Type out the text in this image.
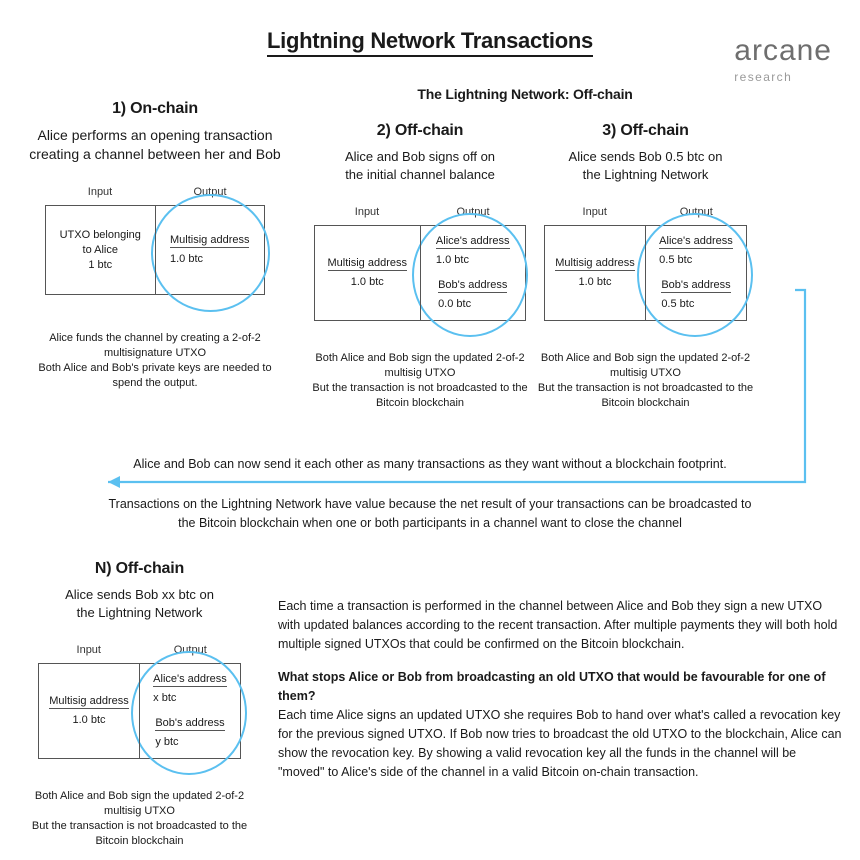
Lightning Network Transactions	arcane
research
The Lightning Network: Off-chain
1) On-chain
Alice performs an opening transaction
creating a channel between her and Bob
Input	Output
UTXO belonging
to Alice
1 btc
Multisig address
1.0 btc
Alice funds the channel by creating a 2-of-2
multisignature UTXO
Both Alice and Bob's private keys are needed to
spend the output.
2) Off-chain
Alice and Bob signs off on
the initial channel balance
Input	Output
Multisig address
1.0 btc
Alice's address
1.0 btc
Bob's address
0.0 btc
Both Alice and Bob sign the updated 2-of-2
multisig UTXO
But the transaction is not broadcasted to the
Bitcoin blockchain
3) Off-chain
Alice sends Bob 0.5 btc on
the Lightning Network
Input	Output
Multisig address
1.0 btc
Alice's address
0.5 btc
Bob's address
0.5 btc
Both Alice and Bob sign the updated 2-of-2
multisig UTXO
But the transaction is not broadcasted to the
Bitcoin blockchain
Alice and Bob can now send it each other as many transactions as they want without a blockchain footprint.
Transactions on the Lightning Network have value because the net result of your transactions can be broadcasted to
the Bitcoin blockchain when one or both participants in a channel want to close the channel
N) Off-chain
Alice sends Bob xx btc on
the Lightning Network
Input	Output
Multisig address
1.0 btc
Alice's address
x btc
Bob's address
y btc
Both Alice and Bob sign the updated 2-of-2
multisig UTXO
But the transaction is not broadcasted to the
Bitcoin blockchain
Each time a transaction is performed in the channel between Alice and Bob they sign a new UTXO with updated balances according to the recent transaction. After multiple payments they will both hold multiple signed UTXOs that could be confirmed on the Bitcoin blockchain.
What stops Alice or Bob from broadcasting an old UTXO that would be favourable for one of them?
Each time Alice signs an updated UTXO she requires Bob to hand over what's called a revocation key for the previous signed UTXO. If Bob now tries to broadcast the old UTXO to the blockchain, Alice can show the revocation key. By showing a valid revocation key all the funds in the channel will be "moved" to Alice's side of the channel in a valid Bitcoin on-chain transaction.
